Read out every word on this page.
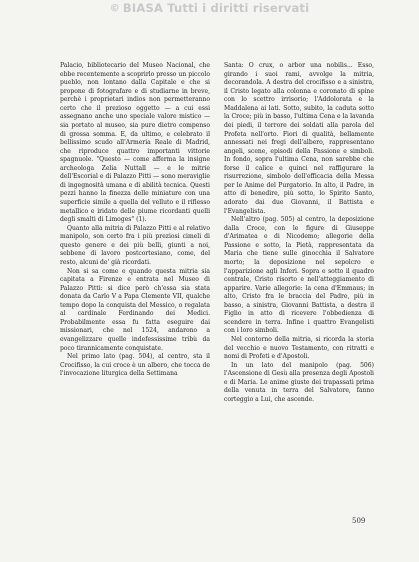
© BIASA Tutti i diritti riservati

Palacio, bibliotecario del Museo Nacional, che ebbe recentemente a scoprirlo presso un piccolo pueblo, non lontano dalla Capitale e che si propone di fotografare e di studiarne in breve, perchè i proprietari indios non permetteranno certo che il prezioso oggetto — a cui essi assegnano anche uno speciale valore mistico — sia portato al museo, sia pure dietro compenso di grossa somma. E, da ultimo, e celebrato il bellissimo scudo all'Armeria Reale di Madrid, che riproduce quattro importanti vittorie spagnuole. "Questo — come afferma la insigne archeologa Zelia Nuttall — e le mitrie dell'Escorial e di Palazzo Pitti — sono meraviglie di ingegnosità umana e di abilità tecnica. Questi pezzi hanno la finezza delle miniature con una superficie simile a quella del velluto e il riflesso metallico e iridato delle piume ricordanti quelli degli smalti di Limoges" (1).

Quanto alla mitria di Palazzo Pitti e al relativo manipolo, son certo fra i più preziosi cimeli di questo genere e dei più belli, giunti a noi, sebbene di lavoro postcortesiano, come, del resto, alcuni de' già ricordati.

Non si sa come e quando questa mitria sia capitata a Firenze e entrata nel Museo di Palazzo Pitti: si dice però ch'essa sia stata donata da Carlo V a Papa Clemente VII, qualche tempo dopo la conquista del Messico, o regalata al cardinale Ferdinando dei Medici. Probabilmente essa fu fatta eseguire dai missionari, che nel 1524, andarono a evangelizzare quelle indefessissime tribù da poco tirannicamente conquistate.

Nel primo lato (pag. 504), al centro, sta il Crocifisso, la cui croce è un albero, che tocca de l'invocazione liturgica della Settimana

Santa: O crux, o arbor una nobilis... Esso, girando i suoi rami, avvolge la mitria, decorandola. A destra del crocifisso e a sinistra, il Cristo legato alla colonna e coronato di spine con lo scettro irrisorio; l'Addolorata e la Maddalena ai lati. Sotto, subito, la caduta sotto la Croce; più in basso, l'ultima Cena e la lavanda dei piedi, il terrore dei soldati alla parola del Profeta nell'orto. Fiori di qualità, bellamente annessati nei fregi dell'albero, rappresentano angeli, scene, episodi della Passione e simboli. In fondo, sopra l'ultima Cena, non sarebbe che forse il calice e quinci nel raffigurare la risurrezione, simbolo dell'efficacia della Messa per le Anime del Purgatorio. In alto, il Padre, in atto di benedire, più sotto, lo Spirito Santo, adorato dai due Giovanni, il Battista e l'Evangelista.

Nell'altro (pag. 505) al centro, la deposizione dalla Croce, con le figure di Giuseppe d'Arimatea e di Nicodemo; allegorie della Passione e sotto, la Pietà, rappresentata da Maria che tiene sulle ginocchia il Salvatore morto; la deposizione nel sepolcro e l'apparizione agli Inferi. Sopra e sotto il quadro centrale, Cristo risorto e nell'atteggiamento di apparire. Varie allegorie: la cena d'Emmaus; in alto, Cristo fra le braccia del Padre, più in basso, a sinistra, Giovanni Battista, a destra il Figlio in atto di ricevere l'obbedienza di scendere in terra. Infine i quattro Evangelisti con i loro simboli.

Nel contorno della mitria, si ricorda la storia del vecchio e nuovo Testamento, con ritratti e nomi di Profeti e d'Apostoli.

In un lato del manipolo (pag. 506) l'Ascensione di Gesù alla presenza degli Apostoli e di Maria. Le anime giuste dei trapassati prima della venuta in terra del Salvatore, fanno corteggio a Lui, che ascende.

509
